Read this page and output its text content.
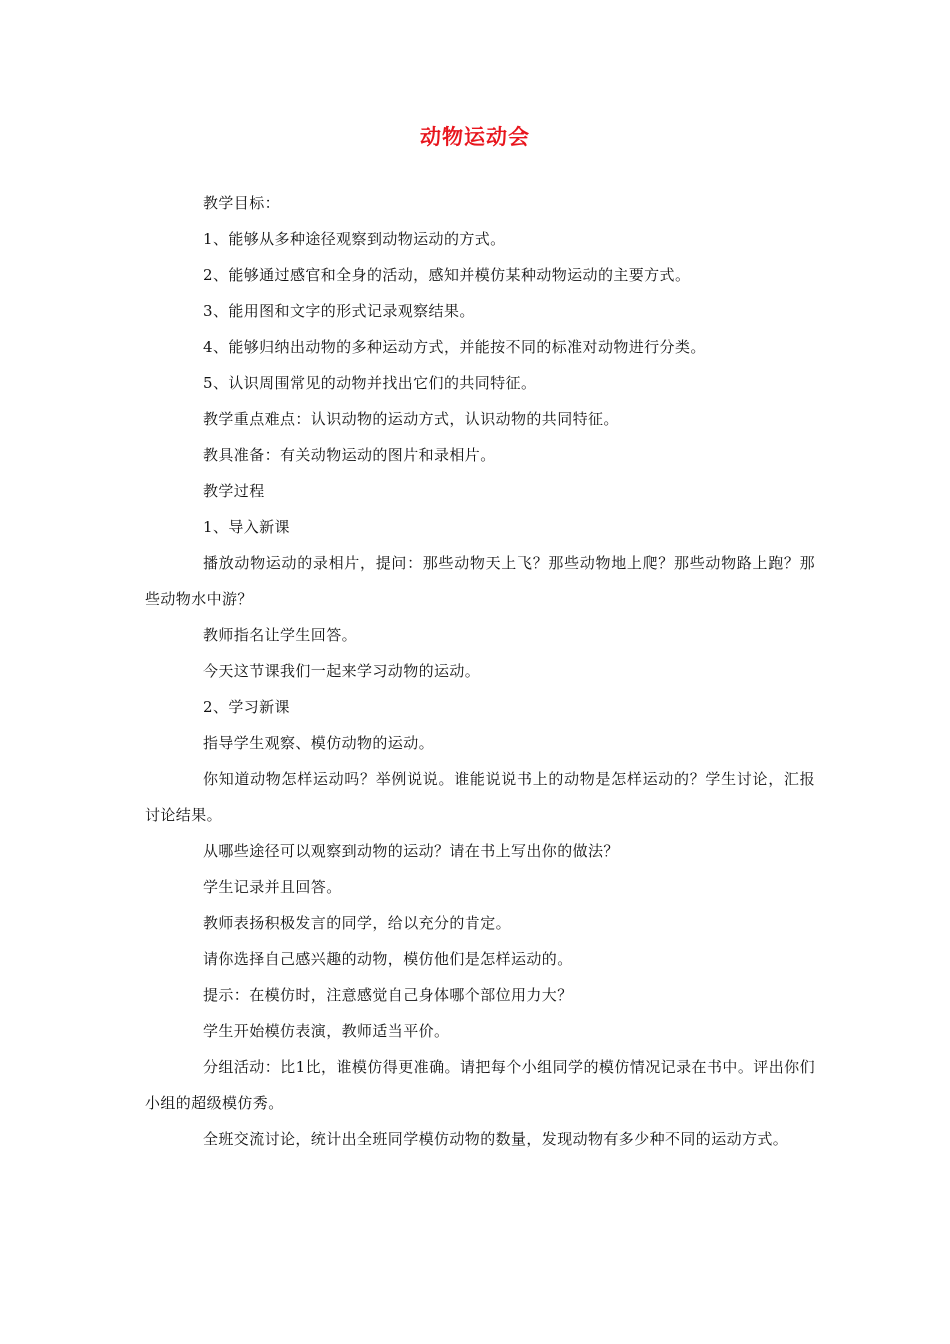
动物运动会

教学目标：

1、能够从多种途径观察到动物运动的方式。

2、能够通过感官和全身的活动，感知并模仿某种动物运动的主要方式。

3、能用图和文字的形式记录观察结果。

4、能够归纳出动物的多种运动方式，并能按不同的标准对动物进行分类。

5、认识周围常见的动物并找出它们的共同特征。

教学重点难点：认识动物的运动方式，认识动物的共同特征。

教具准备：有关动物运动的图片和录相片。

教学过程

1、导入新课

播放动物运动的录相片，提问：那些动物天上飞？那些动物地上爬？那些动物路上跑？那些动物水中游？

教师指名让学生回答。

今天这节课我们一起来学习动物的运动。

2、学习新课

指导学生观察、模仿动物的运动。

你知道动物怎样运动吗？举例说说。谁能说说书上的动物是怎样运动的？学生讨论，汇报讨论结果。

从哪些途径可以观察到动物的运动？请在书上写出你的做法？

学生记录并且回答。

教师表扬积极发言的同学，给以充分的肯定。

请你选择自己感兴趣的动物，模仿他们是怎样运动的。

提示：在模仿时，注意感觉自己身体哪个部位用力大？

学生开始模仿表演，教师适当平价。

分组活动：比1比，谁模仿得更准确。请把每个小组同学的模仿情况记录在书中。评出你们小组的超级模仿秀。

全班交流讨论，统计出全班同学模仿动物的数量，发现动物有多少种不同的运动方式。
